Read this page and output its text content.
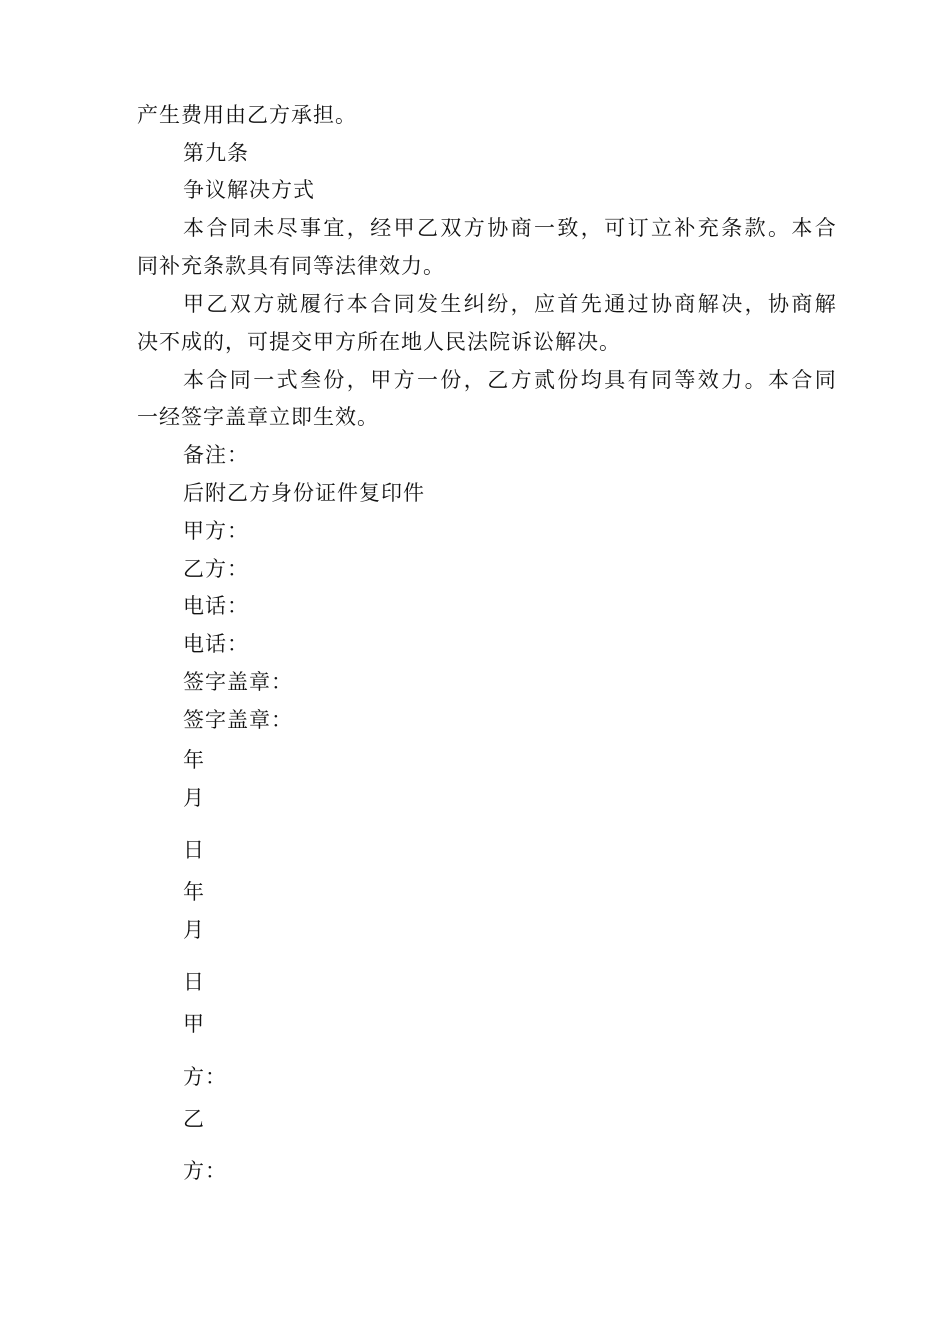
产生费用由乙方承担。
第九条
争议解决方式
本合同未尽事宜，经甲乙双方协商一致，可订立补充条款。本合
同补充条款具有同等法律效力。
甲乙双方就履行本合同发生纠纷，应首先通过协商解决，协商解
决不成的，可提交甲方所在地人民法院诉讼解决。
本合同一式叁份，甲方一份，乙方贰份均具有同等效力。本合同
一经签字盖章立即生效。
备注：
后附乙方身份证件复印件
甲方：
乙方：
电话：
电话：
签字盖章：
签字盖章：
年
月
日
年
月
日
甲
方：
乙
方：
